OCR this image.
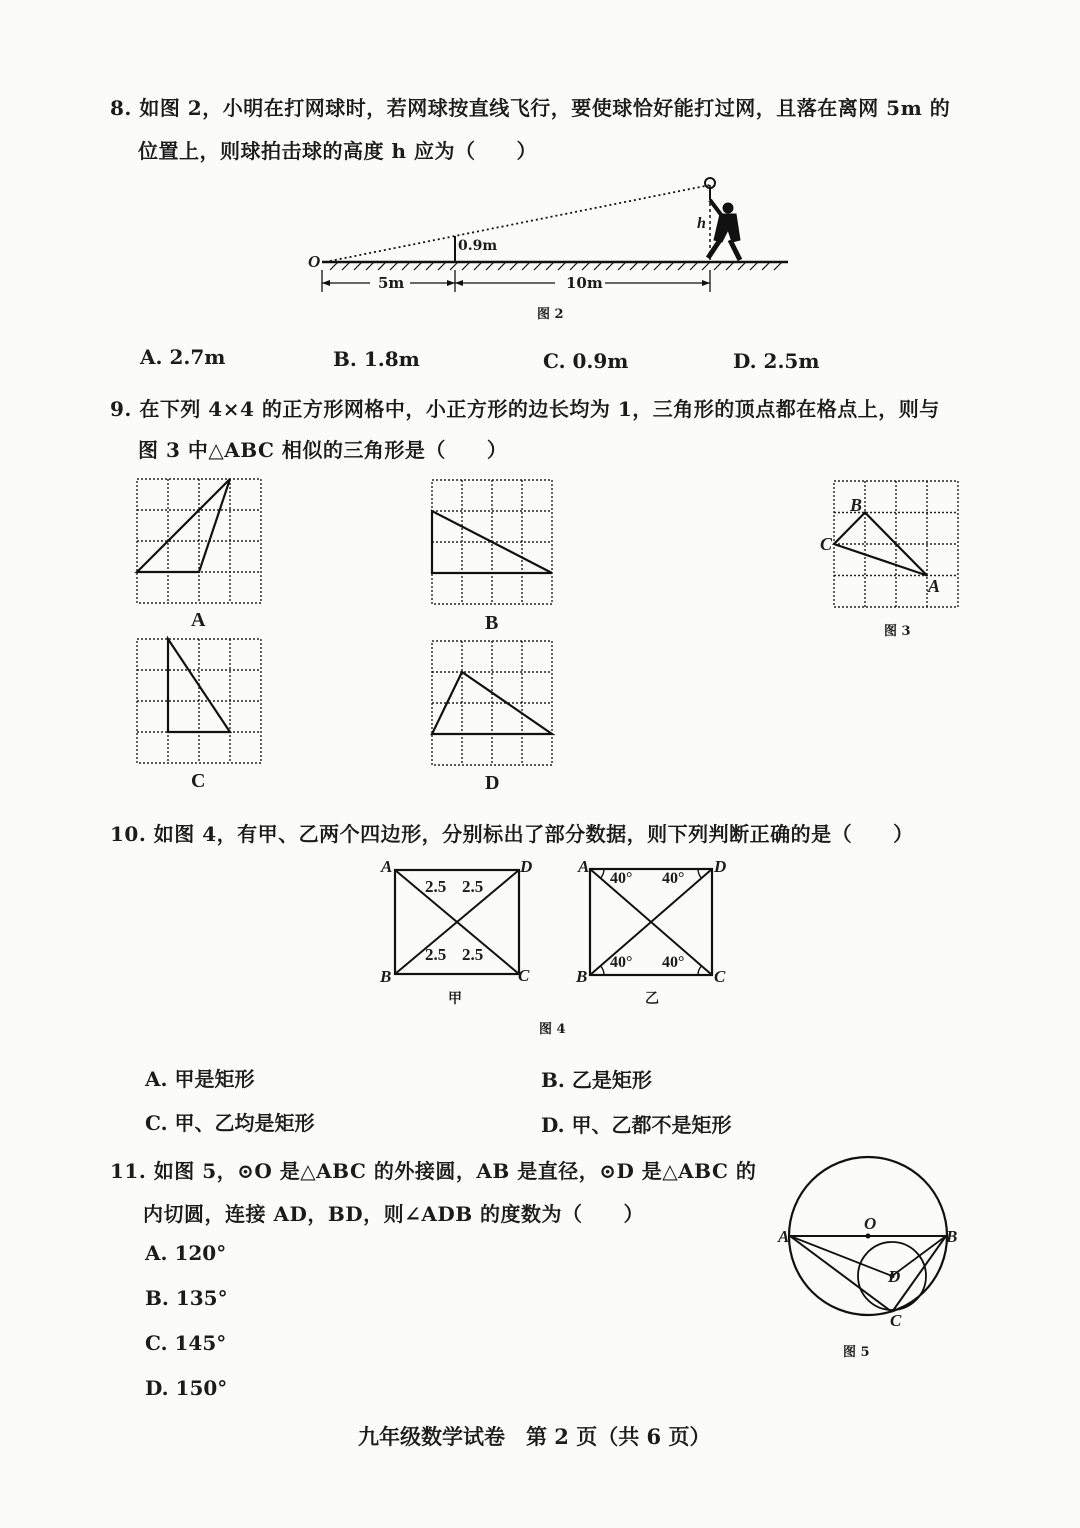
8. 如图 2，小明在打网球时，若网球按直线飞行，要使球恰好能打过网，且落在离网 5m 的
位置上，则球拍击球的高度 h 应为（　　）
O
0.9m
h
5m	10m
图 2
A. 2.7m	B. 1.8m	C. 0.9m	D. 2.5m
9. 在下列 4×4 的正方形网格中，小正方形的边长均为 1，三角形的顶点都在格点上，则与
图 3 中△ABC 相似的三角形是（　　）
A	B
B
C
A
图 3
C	D
10. 如图 4，有甲、乙两个四边形，分别标出了部分数据，则下列判断正确的是（　　）
A	D
B	C
2.5 2.5
2.5 2.5
甲
A	D
B	C
40° 40°
40° 40°
乙
图 4
A. 甲是矩形	B. 乙是矩形
C. 甲、乙均是矩形	D. 甲、乙都不是矩形
11. 如图 5，⊙O 是△ABC 的外接圆，AB 是直径，⊙D 是△ABC 的
内切圆，连接 AD，BD，则∠ADB 的度数为（　　）
A. 120°
B. 135°
C. 145°
D. 150°
A	B
C
O
D
图 5
九年级数学试卷　第 2 页（共 6 页）
